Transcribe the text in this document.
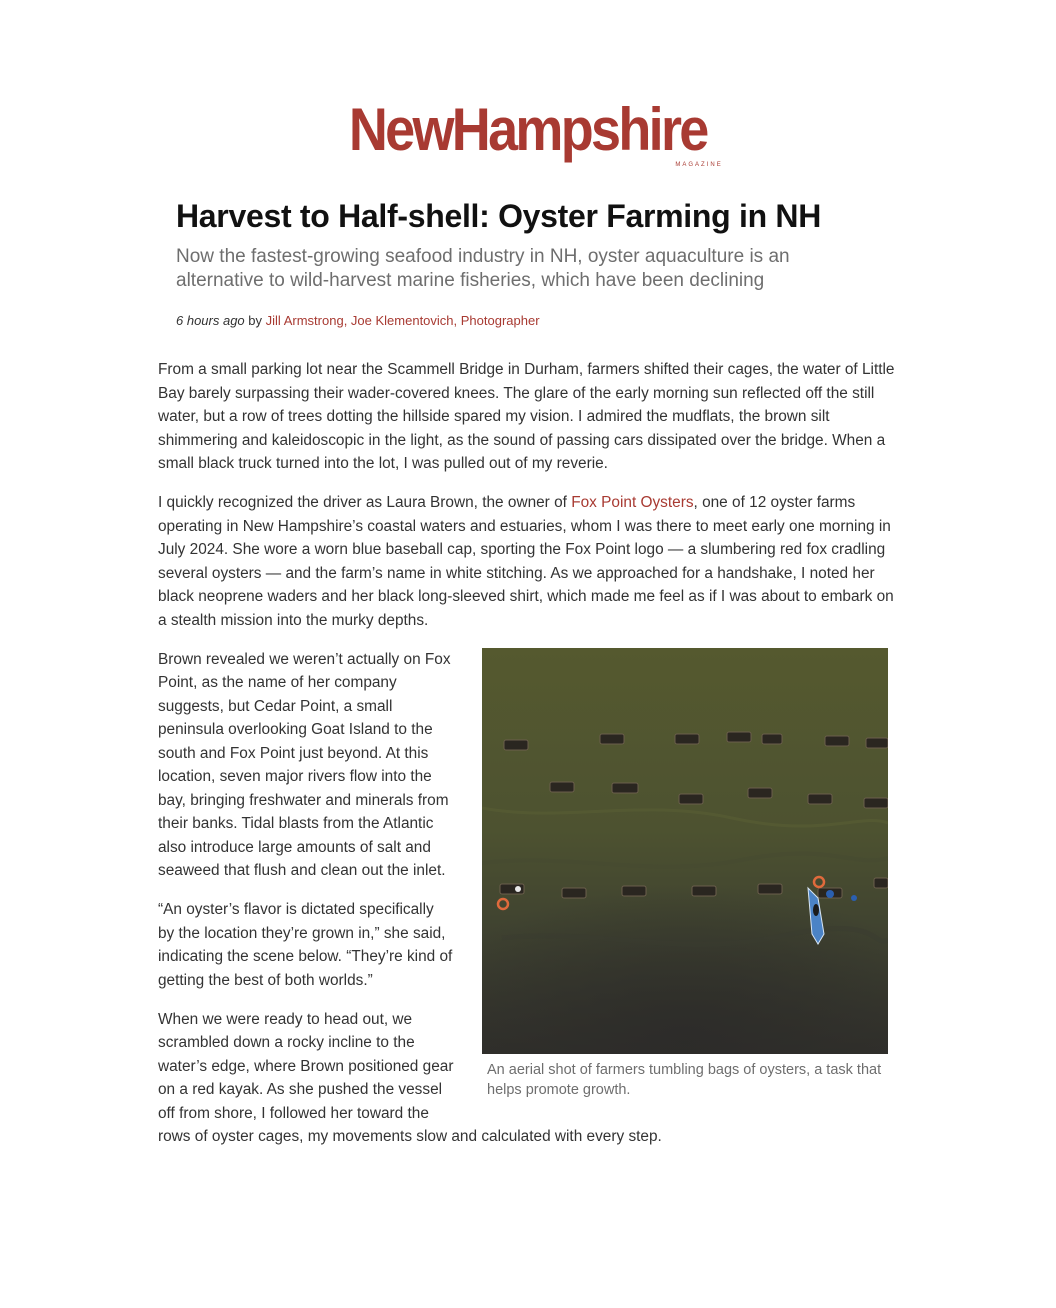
NewHampshire
MAGAZINE
Harvest to Half-shell: Oyster Farming in NH
Now the fastest-growing seafood industry in NH, oyster aquaculture is an alternative to wild-harvest marine fisheries, which have been declining
6 hours ago by Jill Armstrong, Joe Klementovich, Photographer

From a small parking lot near the Scammell Bridge in Durham, farmers shifted their cages, the water of Little Bay barely surpassing their wader-covered knees. The glare of the early morning sun reflected off the still water, but a row of trees dotting the hillside spared my vision. I admired the mudflats, the brown silt shimmering and kaleidoscopic in the light, as the sound of passing cars dissipated over the bridge. When a small black truck turned into the lot, I was pulled out of my reverie.

I quickly recognized the driver as Laura Brown, the owner of Fox Point Oysters, one of 12 oyster farms operating in New Hampshire’s coastal waters and estuaries, whom I was there to meet early one morning in July 2024. She wore a worn blue baseball cap, sporting the Fox Point logo — a slumbering red fox cradling several oysters — and the farm’s name in white stitching. As we approached for a handshake, I noted her black neoprene waders and her black long-sleeved shirt, which made me feel as if I was about to embark on a stealth mission into the murky depths.

An aerial shot of farmers tumbling bags of oysters, a task that helps promote growth.

Brown revealed we weren’t actually on Fox Point, as the name of her company suggests, but Cedar Point, a small peninsula overlooking Goat Island to the south and Fox Point just beyond. At this location, seven major rivers flow into the bay, bringing freshwater and minerals from their banks. Tidal blasts from the Atlantic also introduce large amounts of salt and seaweed that flush and clean out the inlet.

“An oyster’s flavor is dictated specifically by the location they’re grown in,” she said, indicating the scene below. “They’re kind of getting the best of both worlds.”

When we were ready to head out, we scrambled down a rocky incline to the water’s edge, where Brown positioned gear on a red kayak. As she pushed the vessel off from shore, I followed her toward the rows of oyster cages, my movements slow and calculated with every step.
